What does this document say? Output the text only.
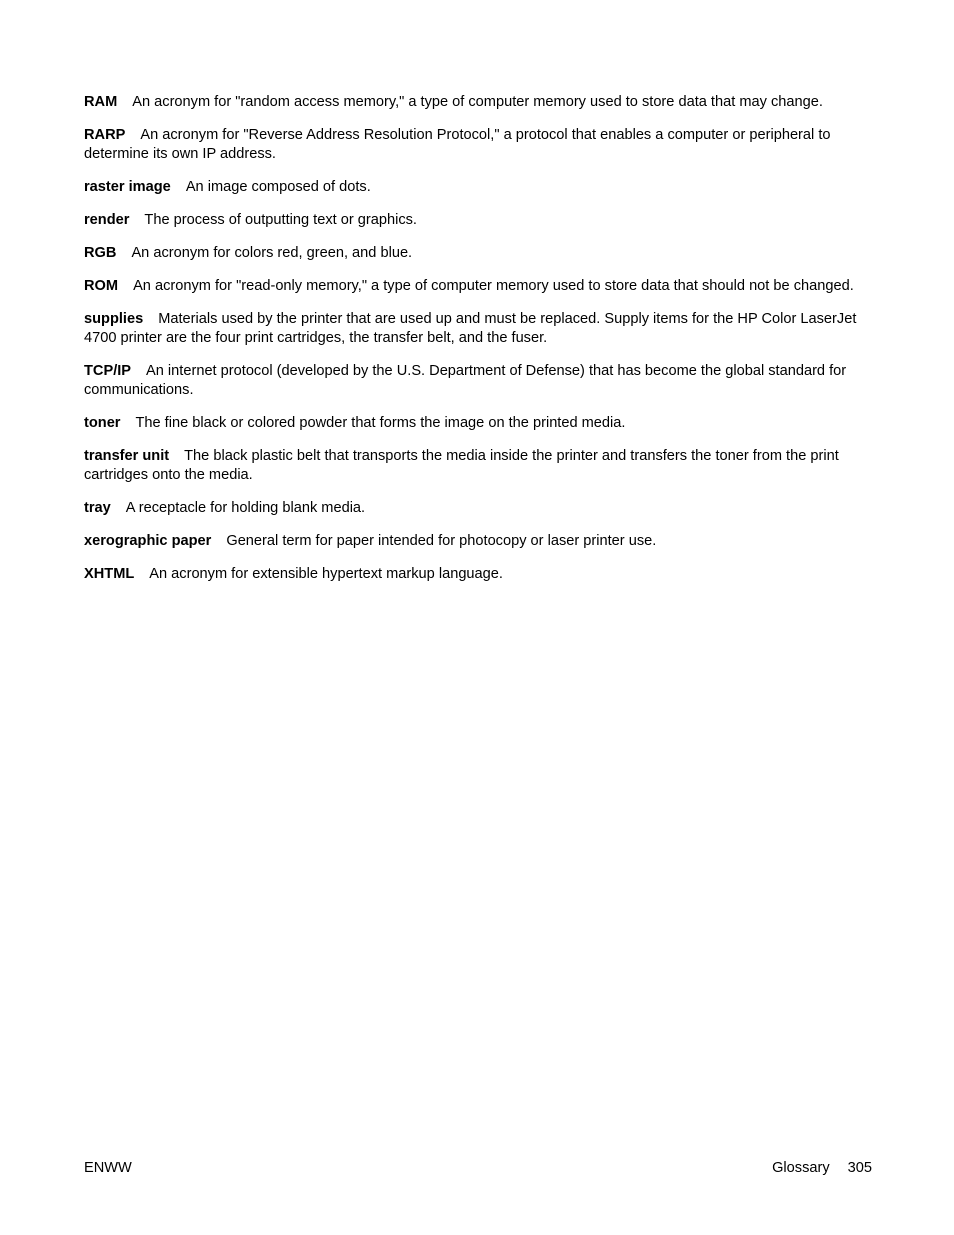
RAM An acronym for "random access memory," a type of computer memory used to store data that may change.

RARP An acronym for "Reverse Address Resolution Protocol," a protocol that enables a computer or peripheral to determine its own IP address.

raster image An image composed of dots.

render The process of outputting text or graphics.

RGB An acronym for colors red, green, and blue.

ROM An acronym for "read-only memory," a type of computer memory used to store data that should not be changed.

supplies Materials used by the printer that are used up and must be replaced. Supply items for the HP Color LaserJet 4700 printer are the four print cartridges, the transfer belt, and the fuser.

TCP/IP An internet protocol (developed by the U.S. Department of Defense) that has become the global standard for communications.

toner The fine black or colored powder that forms the image on the printed media.

transfer unit The black plastic belt that transports the media inside the printer and transfers the toner from the print cartridges onto the media.

tray A receptacle for holding blank media.

xerographic paper General term for paper intended for photocopy or laser printer use.

XHTML An acronym for extensible hypertext markup language.

ENWW	Glossary 305
